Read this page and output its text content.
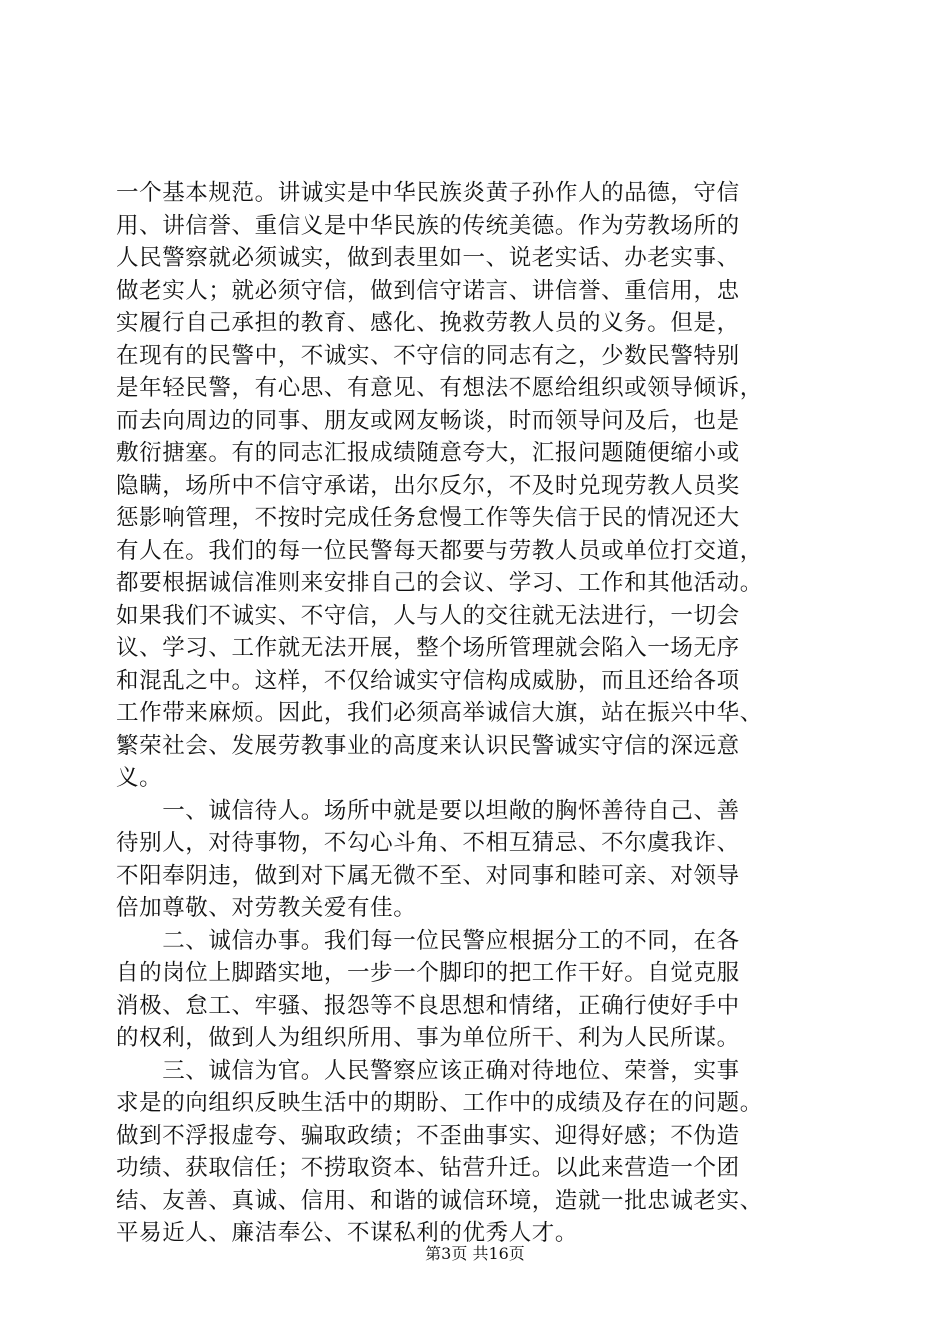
一个基本规范。讲诚实是中华民族炎黄子孙作人的品德，守信
用、讲信誉、重信义是中华民族的传统美德。作为劳教场所的
人民警察就必须诚实，做到表里如一、说老实话、办老实事、
做老实人；就必须守信，做到信守诺言、讲信誉、重信用，忠
实履行自己承担的教育、感化、挽救劳教人员的义务。但是，
在现有的民警中，不诚实、不守信的同志有之，少数民警特别
是年轻民警，有心思、有意见、有想法不愿给组织或领导倾诉，
而去向周边的同事、朋友或网友畅谈，时而领导问及后，也是
敷衍搪塞。有的同志汇报成绩随意夸大，汇报问题随便缩小或
隐瞒，场所中不信守承诺，出尔反尔，不及时兑现劳教人员奖
惩影响管理，不按时完成任务怠慢工作等失信于民的情况还大
有人在。我们的每一位民警每天都要与劳教人员或单位打交道，
都要根据诚信准则来安排自己的会议、学习、工作和其他活动。
如果我们不诚实、不守信，人与人的交往就无法进行，一切会
议、学习、工作就无法开展，整个场所管理就会陷入一场无序
和混乱之中。这样，不仅给诚实守信构成威胁，而且还给各项
工作带来麻烦。因此，我们必须高举诚信大旗，站在振兴中华、
繁荣社会、发展劳教事业的高度来认识民警诚实守信的深远意
义。
　　一、诚信待人。场所中就是要以坦敞的胸怀善待自己、善
待别人，对待事物，不勾心斗角、不相互猜忌、不尔虞我诈、
不阳奉阴违，做到对下属无微不至、对同事和睦可亲、对领导
倍加尊敬、对劳教关爱有佳。
　　二、诚信办事。我们每一位民警应根据分工的不同，在各
自的岗位上脚踏实地，一步一个脚印的把工作干好。自觉克服
消极、怠工、牢骚、报怨等不良思想和情绪，正确行使好手中
的权利，做到人为组织所用、事为单位所干、利为人民所谋。
　　三、诚信为官。人民警察应该正确对待地位、荣誉，实事
求是的向组织反映生活中的期盼、工作中的成绩及存在的问题。
做到不浮报虚夸、骗取政绩；不歪曲事实、迎得好感；不伪造
功绩、获取信任；不捞取资本、钻营升迁。以此来营造一个团
结、友善、真诚、信用、和谐的诚信环境，造就一批忠诚老实、
平易近人、廉洁奉公、不谋私利的优秀人才。
第3页 共16页
